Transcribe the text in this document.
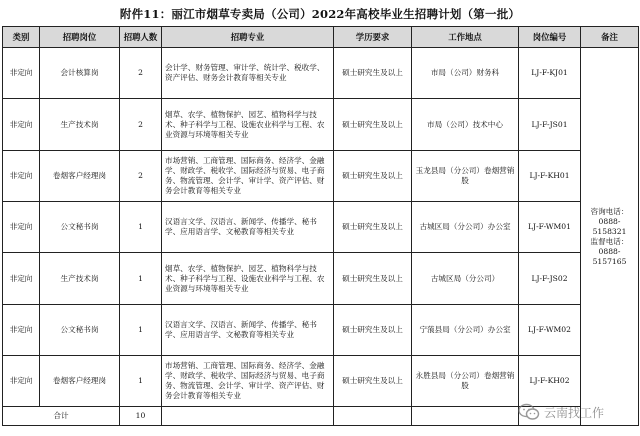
附件11：丽江市烟草专卖局（公司）2022年高校毕业生招聘计划（第一批）
类别	招聘岗位	招聘人数	招聘专业	学历要求	工作地点	岗位编号	备注
非定向	会计核算岗	2	会计学、财务管理、审计学、统计学、税收学、资产评估、财务会计教育等相关专业	硕士研究生及以上	市局（公司）财务科	LJ-F-KJ01	咨询电话：
0888-5158321
监督电话：
0888-5157165

非定向	生产技术岗	2	烟草、农学、植物保护、园艺、植物科学与技术、种子科学与工程、设施农业科学与工程、农业资源与环境等相关专业	硕士研究生及以上	市局（公司）技术中心	LJ-F-JS01	
非定向	卷烟客户经理岗	2	市场营销、工商管理、国际商务、经济学、金融学、财政学、税收学、国际经济与贸易、电子商务、物流管理、会计学、审计学、资产评估、财务会计教育等相关专业	硕士研究生及以上	玉龙县局（分公司）卷烟营销股	LJ-F-KH01	
非定向	公文秘书岗	1	汉语言文学、汉语言、新闻学、传播学、秘书学、应用语言学、文秘教育等相关专业	硕士研究生及以上	古城区局（分公司）办公室	LJ-F-WM01	
非定向	生产技术岗	1	烟草、农学、植物保护、园艺、植物科学与技术、种子科学与工程、设施农业科学与工程、农业资源与环境等相关专业	硕士研究生及以上	古城区局（分公司）	LJ-F-JS02	
非定向	公文秘书岗	1	汉语言文学、汉语言、新闻学、传播学、秘书学、应用语言学、文秘教育等相关专业	硕士研究生及以上	宁蒗县局（分公司）办公室	LJ-F-WM02	
非定向	卷烟客户经理岗	1	市场营销、工商管理、国际商务、经济学、金融学、财政学、税收学、国际经济与贸易、电子商务、物流管理、会计学、审计学、资产评估、财务会计教育等相关专业	硕士研究生及以上	永胜县局（分公司）卷烟营销股	LJ-F-KH02	
合计		10						云南找工作
